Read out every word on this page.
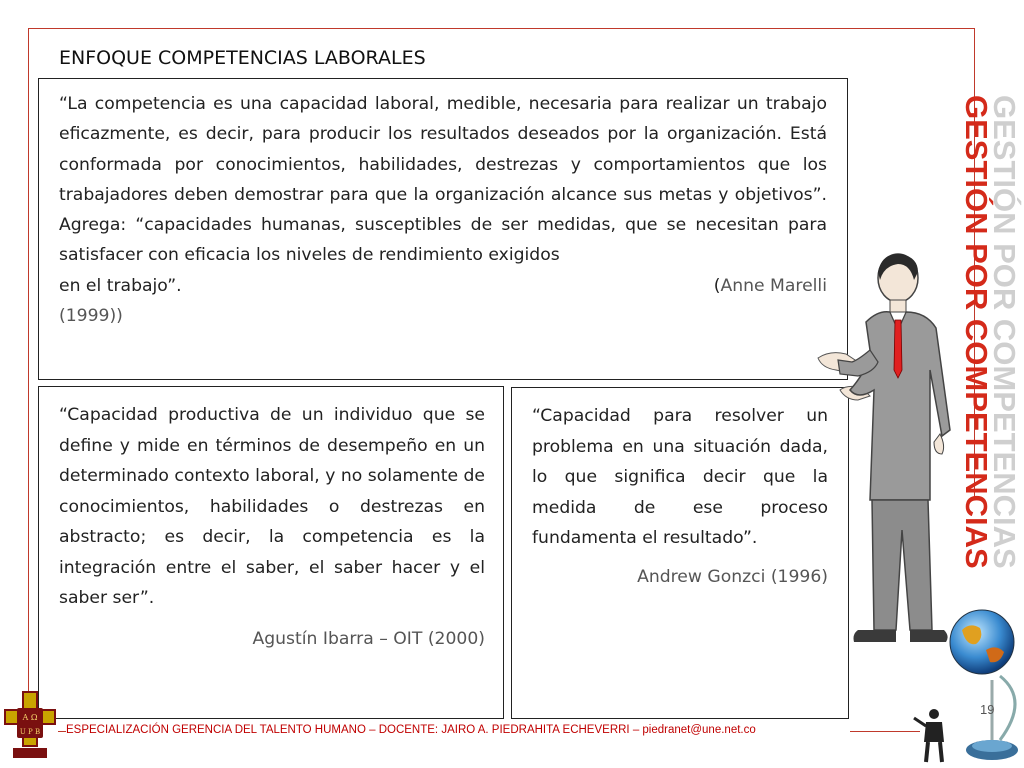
ENFOQUE COMPETENCIAS LABORALES
“La competencia es una capacidad laboral, medible, necesaria para realizar un trabajo eficazmente, es decir, para producir los resultados deseados por la organización. Está conformada por conocimientos, habilidades, destrezas y comportamientos que los trabajadores deben demostrar para que la organización alcance sus metas y objetivos”. Agrega: “capacidades humanas, susceptibles de ser medidas, que se necesitan para satisfacer con eficacia los niveles de rendimiento exigidos
en el trabajo”.	(Anne Marelli
(1999))
“Capacidad productiva de un individuo que se define y mide en términos de desempeño en un determinado contexto laboral, y no solamente de conocimientos, habilidades o destrezas en abstracto; es decir, la competencia es la integración entre el saber, el saber hacer y el saber ser”.
Agustín Ibarra – OIT (2000)
“Capacidad para resolver un problema en una situación dada, lo que significa decir que la medida de ese proceso fundamenta el resultado”.
Andrew Gonzci (1996)
GESTIÓN POR COMPETENCIAS
GESTIÓN POR COMPETENCIAS
19
ESPECIALIZACIÓN GERENCIA DEL TALENTO HUMANO – DOCENTE: JAIRO A. PIEDRAHITA ECHEVERRI – piedranet@une.net.co
A Ω
U P B
